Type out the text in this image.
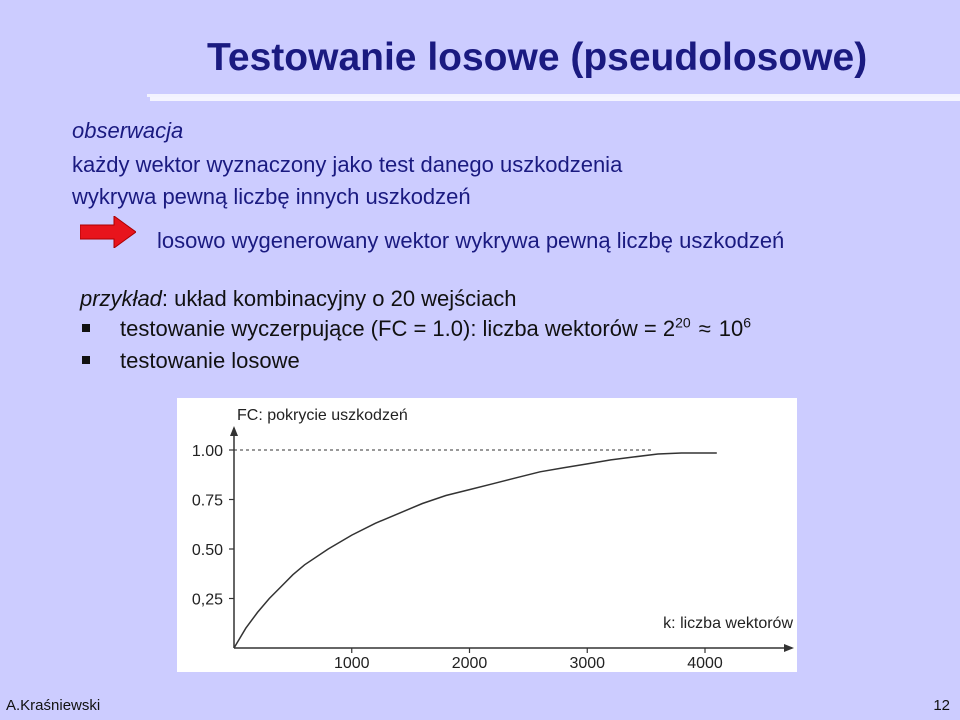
Testowanie losowe (pseudolosowe)
obserwacja
każdy wektor wyznaczony jako test danego uszkodzenia
wykrywa pewną liczbę innych uszkodzeń
losowo wygenerowany wektor wykrywa pewną liczbę uszkodzeń
przykład: układ kombinacyjny o 20 wejściach
testowanie wyczerpujące (FC = 1.0): liczba wektorów = $2^{20} \approx 10^6$
testowanie losowe
0,25
0.50
0.75
1.00
1000	2000	3000	4000
FC: pokrycie uszkodzeń
k: liczba wektorów
A.Kraśniewski	12
